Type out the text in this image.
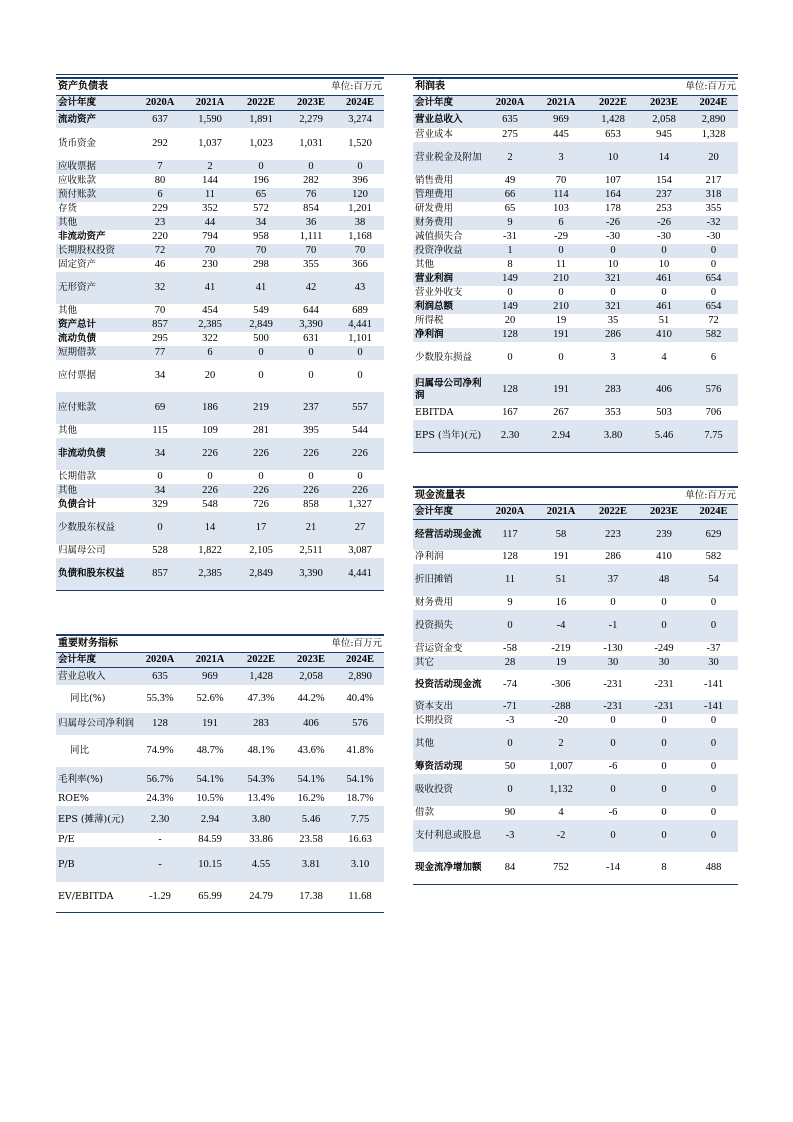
资产负债表			单位:百万元		
会计年度	2020A	2021A	2022E	2023E	2024E
流动资产	637	1,590	1,891	2,279	3,274
货币资金	292	1,037	1,023	1,031	1,520
应收票据	7	2	0	0	0
应收账款	80	144	196	282	396
预付账款	6	11	65	76	120
存货	229	352	572	854	1,201
其他	23	44	34	36	38
非流动资产	220	794	958	1,111	1,168
长期股权投资	72	70	70	70	70
固定资产	46	230	298	355	366
无形资产	32	41	41	42	43
其他	70	454	549	644	689
资产总计	857	2,385	2,849	3,390	4,441
流动负债	295	322	500	631	1,101
短期借款	77	6	0	0	0
应付票据	34	20	0	0	0
应付账款	69	186	219	237	557
其他	115	109	281	395	544
非流动负债	34	226	226	226	226
长期借款	0	0	0	0	0
其他	34	226	226	226	226
负债合计	329	548	726	858	1,327
少数股东权益	0	14	17	21	27
归属母公司	528	1,822	2,105	2,511	3,087
负债和股东权益	857	2,385	2,849	3,390	4,441
利润表			单位:百万元		
会计年度	2020A	2021A	2022E	2023E	2024E
营业总收入	635	969	1,428	2,058	2,890
营业成本	275	445	653	945	1,328
营业税金及附加	2	3	10	14	20
销售费用	49	70	107	154	217
管理费用	66	114	164	237	318
研发费用	65	103	178	253	355
财务费用	9	6	-26	-26	-32
减值损失合	-31	-29	-30	-30	-30
投资净收益	1	0	0	0	0
其他	8	11	10	10	0
营业利润	149	210	321	461	654
营业外收支	0	0	0	0	0
利润总额	149	210	321	461	654
所得税	20	19	35	51	72
净利润	128	191	286	410	582
少数股东损益	0	0	3	4	6
归属母公司净利润	128	191	283	406	576
EBITDA	167	267	353	503	706
EPS (当年)(元)	2.30	2.94	3.80	5.46	7.75
重要财务指标			单位:百万元		
会计年度	2020A	2021A	2022E	2023E	2024E
营业总收入	635	969	1,428	2,058	2,890
同比(%)	55.3%	52.6%	47.3%	44.2%	40.4%
归属母公司净利润	128	191	283	406	576
同比	74.9%	48.7%	48.1%	43.6%	41.8%
毛利率(%)	56.7%	54.1%	54.3%	54.1%	54.1%
ROE%	24.3%	10.5%	13.4%	16.2%	18.7%
EPS (摊薄)(元)	2.30	2.94	3.80	5.46	7.75
P/E	-	84.59	33.86	23.58	16.63
P/B	-	10.15	4.55	3.81	3.10
EV/EBITDA	-1.29	65.99	24.79	17.38	11.68
现金流量表			单位:百万元		
会计年度	2020A	2021A	2022E	2023E	2024E
经营活动现金流	117	58	223	239	629
净利润	128	191	286	410	582
折旧摊销	11	51	37	48	54
财务费用	9	16	0	0	0
投资损失	0	-4	-1	0	0
营运资金变	-58	-219	-130	-249	-37
其它	28	19	30	30	30
投资活动现金流	-74	-306	-231	-231	-141
资本支出	-71	-288	-231	-231	-141
长期投资	-3	-20	0	0	0
其他	0	2	0	0	0
筹资活动现	50	1,007	-6	0	0
吸收投资	0	1,132	0	0	0
借款	90	4	-6	0	0
支付利息或股息	-3	-2	0	0	0
现金流净增加额	84	752	-14	8	488
